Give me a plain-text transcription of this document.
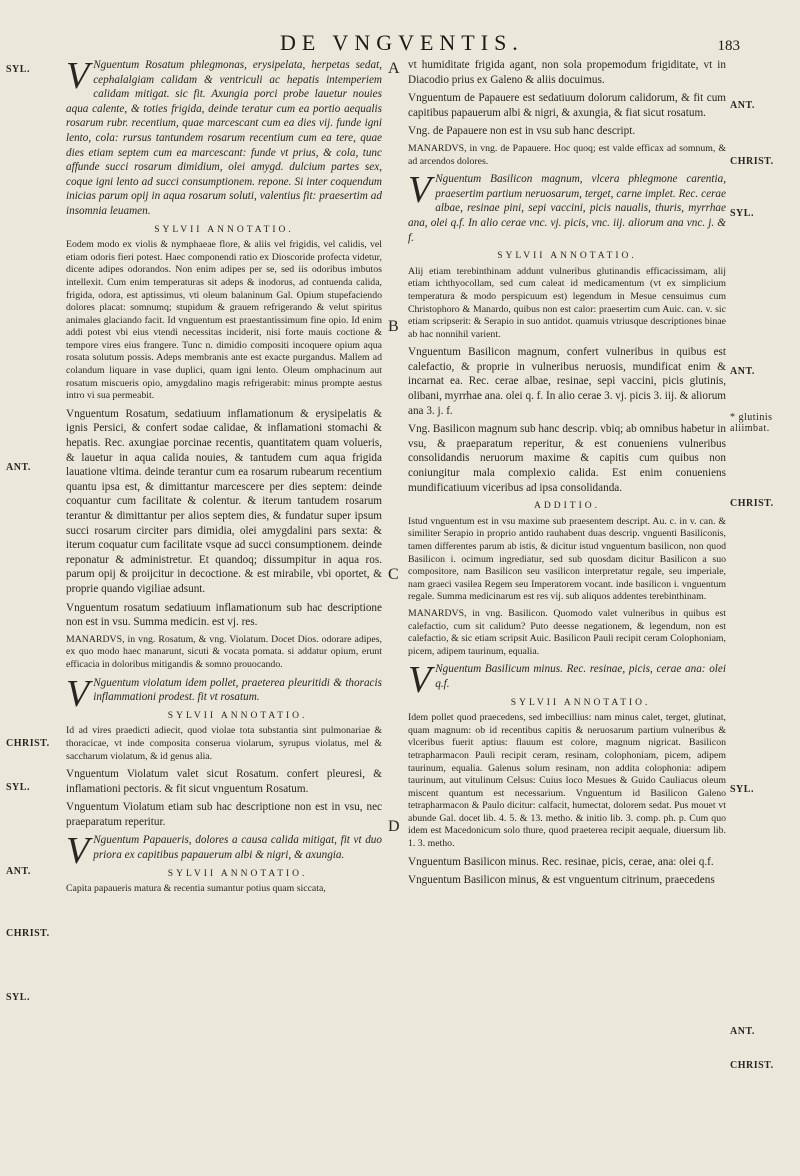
DE VNGVENTIS.	183
SYL.
ANT.
CHRIST.
SYL.
ANT.
CHRIST.
SYL.
ANT.
CHRIST.
SYL.
ANT.
* glutinis aliimbat.
CHRIST.
SYL.
ANT.
CHRIST.
A
B
C
D

V Nguentum Rosatum phlegmonas, erysipelata, herpetas sedat, cephalalgiam calidam & ventriculi ac hepatis intemperiem calidam mitigat. sic fit. Axungia porci probe lauetur nouies aqua calente, & toties frigida, deinde teratur cum ea portio aequalis rosarum rubr. recentium, quae marcescant cum ea dies vij. funde igni lento, cola: rursus tantundem rosarum recentium cum ea tere, quae dies etiam septem cum ea marcescant: funde vt prius, & cola, tunc affunde succi rosarum dimidium, olei amygd. dulcium partes sex, coque igni lento ad succi consumptionem. repone. Si inter coquendum inicias parum opij in aqua rosarum soluti, valentius fit: praesertim ad insomnia leuamen.

SYLVII ANNOTATIO.

Eodem modo ex violis & nymphaeae flore, & aliis vel frigidis, vel calidis, vel etiam odoris fieri potest. Haec componendi ratio ex Dioscoride profecta videtur, dicente adipes odorandos. Non enim adipes per se, sed iis odoribus imbutos intellexit. Cum enim temperaturas sit adeps & inodorus, ad contuenda calida, frigida, odora, est aptissimus, vti oleum balaninum Gal. Opium stupefaciendo dolores placat: somnumq; stupidum & grauem refrigerando & velut spiritus animales glaciando facit. Id vnguentum est praestantissimum fine opio. Id enim addi potest vbi eius vtendi necessitas inciderit, nisi forte mauis coctione & tempore vires eius frangere. Tunc n. dimidio compositi incoquere opium aqua rosata solutum possis. Adeps membranis ante est exacte purgandus. Mallem ad colandum liquare in vase duplici, quam igni lento. Oleum omphacinum aut rosatum miscueris opio, amygdalino magis refrigerabit: minus prompte aestus intro vi sua permeabit.

Vnguentum Rosatum, sedatiuum inflamationum & erysipelatis & ignis Persici, & confert sodae calidae, & inflamationi stomachi & hepatis. Rec. axungiae porcinae recentis, quantitatem quam volueris, & lauetur in aqua calida nouies, & tantudem cum aqua frigida lauatione vltima. deinde terantur cum ea rosarum rubearum recentium quantu ipsa est, & dimittantur marcescere per dies septem: deinde coquantur cum facilitate & colentur. & iterum tantudem rosarum terantur & dimittantur per alios septem dies, & fundatur super ipsum succi rosarum circiter pars dimidia, olei amygdalini pars sexta: & iterum coquatur cum facilitate vsque ad succi consumptionem. deinde reponatur & administretur. Et quandoq; dissumpitur in aqua ros. parum opij & proijcitur in decoctione. & est mirabile, vbi oportet, & proprie quando vigiliae adsunt.

Vnguentum rosatum sedatiuum inflamationum sub hac descriptione non est in vsu. Summa medicin. est vj. res.

MANARDVS, in vng. Rosatum, & vng. Violatum. Docet Dios. odorare adipes, ex quo modo haec manarunt, sicuti & vocata pomata. si addatur opium, erunt efficacia in doloribus mitigandis & somno prouocando.

V Nguentum violatum idem pollet, praeterea pleuritidi & thoracis inflammationi prodest. fit vt rosatum.

SYLVII ANNOTATIO.

Id ad vires praedicti adiecit, quod violae tota substantia sint pulmonariae & thoracicae, vt inde composita conserua violarum, syrupus violatus, mel & saccharum violatum, & id genus alia.

Vnguentum Violatum valet sicut Rosatum. confert pleuresi, & inflamationi pectoris. & fit sicut vnguentum Rosatum.

Vnguentum Violatum etiam sub hac descriptione non est in vsu, nec praeparatum reperitur.

V Nguentum Papaueris, dolores a causa calida mitigat, fit vt duo priora ex capitibus papauerum albi & nigri, & axungia.

SYLVII ANNOTATIO.

Capita papaueris matura & recentia sumantur potius quam siccata,

vt humiditate frigida agant, non sola propemodum frigiditate, vt in Diacodio prius ex Galeno & aliis docuimus.

Vnguentum de Papauere est sedatiuum dolorum calidorum, & fit cum capitibus papauerum albi & nigri, & axungia, & fiat sicut rosatum.

Vng. de Papauere non est in vsu sub hanc descript.

MANARDVS, in vng. de Papauere. Hoc quoq; est valde efficax ad somnum, & ad arcendos dolores.

V Nguentum Basilicon magnum, vlcera phlegmone carentia, praesertim partium neruosarum, terget, carne implet. Rec. cerae albae, resinae pini, sepi vaccini, picis naualis, thuris, myrrhae ana, olei q.f. In alio cerae vnc. vj. picis, vnc. iij. aliorum ana vnc. j. & f.

SYLVII ANNOTATIO.

Alij etiam terebinthinam addunt vulneribus glutinandis efficacissimam, alij etiam ichthyocollam, sed cum caleat id medicamentum (vt ex simplicium temperatura & modo perspicuum est) legendum in Mesue censuimus cum Christophoro & Manardo, quibus non est calor: praesertim cum Auic. can. v. sic etiam scripserit: & Serapio in suo antidot. quamuis vtriusque descriptiones binae ab hac nonnihil varient.

Vnguentum Basilicon magnum, confert vulneribus in quibus est calefactio, & proprie in vulneribus neruosis, mundificat enim & incarnat ea. Rec. cerae albae, resinae, sepi vaccini, picis glutinis, olibani, myrrhae ana. olei q. f. In alio cerae 3. vj. picis 3. iij. & aliorum ana 3. j. f.

Vng. Basilicon magnum sub hanc descrip. vbiq; ab omnibus habetur in vsu, & praeparatum reperitur, & est conueniens vulneribus consolidandis neruorum maxime & capitis cum quibus non coniungitur mala complexio calida. Est enim conueniens mundificatiuum viceribus ad ipsa consolidanda.

ADDITIO.

Istud vnguentum est in vsu maxime sub praesentem descript. Au. c. in v. can. & similiter Serapio in proprio antido rauhabent duas descrip. vnguenti Basiliconis, tamen differentes parum ab istis, & dicitur istud vnguentum basilicon, non quod Basilicon i. ocimum ingrediatur, sed sub quosdam dicitur Basilicon a suo compositore, nam Basilicon seu vasilicon interpretatur regale, seu imperiale, nam graeci vasilea Regem seu Imperatorem vocant. inde basilicon i. vnguentum regale. Summa medicinarum est res vij. sub aliquos addentes terebinthinam.

MANARDVS, in vng. Basilicon. Quomodo valet vulneribus in quibus est calefactio, cum sit calidum? Puto deesse negationem, & legendum, non est calefactio, & sic etiam scripsit Auic. Basilicon Pauli recipit ceram Colophoniam, picem, adipem taurinum, equalia.

V Nguentum Basilicum minus. Rec. resinae, picis, cerae ana: olei q.f.

SYLVII ANNOTATIO.

Idem pollet quod praecedens, sed imbecillius: nam minus calet, terget, glutinat, quam magnum: ob id recentibus capitis & neruosarum partium vulneribus & vlceribus fuerit aptius: flauum est colore, magnum nigricat. Basilicon tetrapharmacon Pauli recipit ceram, resinam, colophoniam, picem, adipem taurinum, equalia. Galenus solum resinam, non addita colophonia: adipem taurinum, aut vitulinum Celsus: Cuius loco Mesues & Guido Cauliacus oleum miscent quantum est necessarium. Vnguentum id Basilicon Galeno tetrapharmacon & Paulo dicitur: calfacit, humectat, dolorem sedat. Pus mouet vt abunde Gal. docet lib. 4. 5. & 13. metho. & initio lib. 3. comp. ph. p. Cum quo idem est Macedonicum solo thure, quod praeterea recipit aequale, diuersum lib. 1. 3. metho.

Vnguentum Basilicon minus. Rec. resinae, picis, cerae, ana: olei q.f.

Vnguentum Basilicon minus, & est vnguentum citrinum, praecedens
